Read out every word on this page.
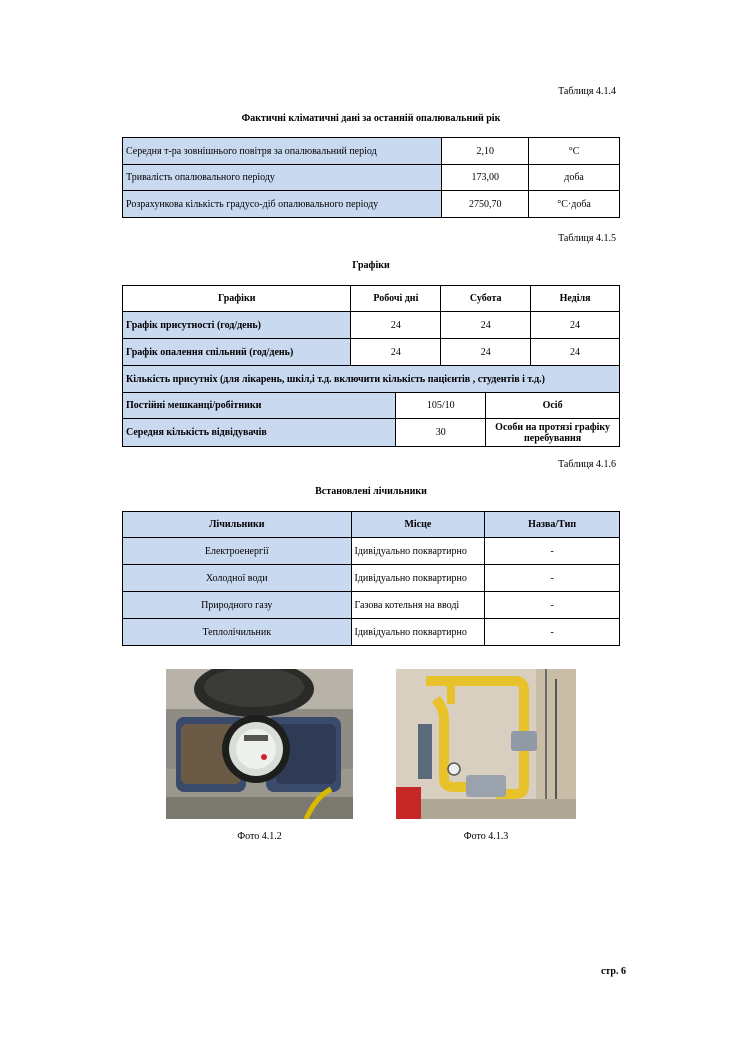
Таблиця 4.1.4
Фактичні кліматичні дані за останній опалювальний рік
Середня т-ра зовнішнього повітря за опалювальний період	2,10	°С
Тривалість опалювального періоду	173,00	доба
Розрахункова кількість градусо-діб опалювального періоду	2750,70	°С·доба
Таблиця 4.1.5
Графіки
Графіки	Робочі дні		Субота		Неділя
Графік присутності (год/день)	24		24		24
Графік опалення спільний (год/день)	24		24		24
Кількість присутніх (для лікарень, шкіл,і т.д. включити кількість пацієнтів , студентів і т.д.)					
Постійні мешканці/робітники		105/10		Осіб	
Середня кількість відвідувачів		30		Особи на протязі графіку перебування	
Таблиця 4.1.6
Встановлені лічильники
Лічильники	Місце	Назва/Тип
Електроенергії	Ідивідуально поквартирно	-
Холодної води	Ідивідуально поквартирно	-
Природного газу	Газова котельня на вводі	-
Теплолічильник	Ідивідуально поквартирно	-
Фото 4.1.2	Фото 4.1.3
стр. 6
